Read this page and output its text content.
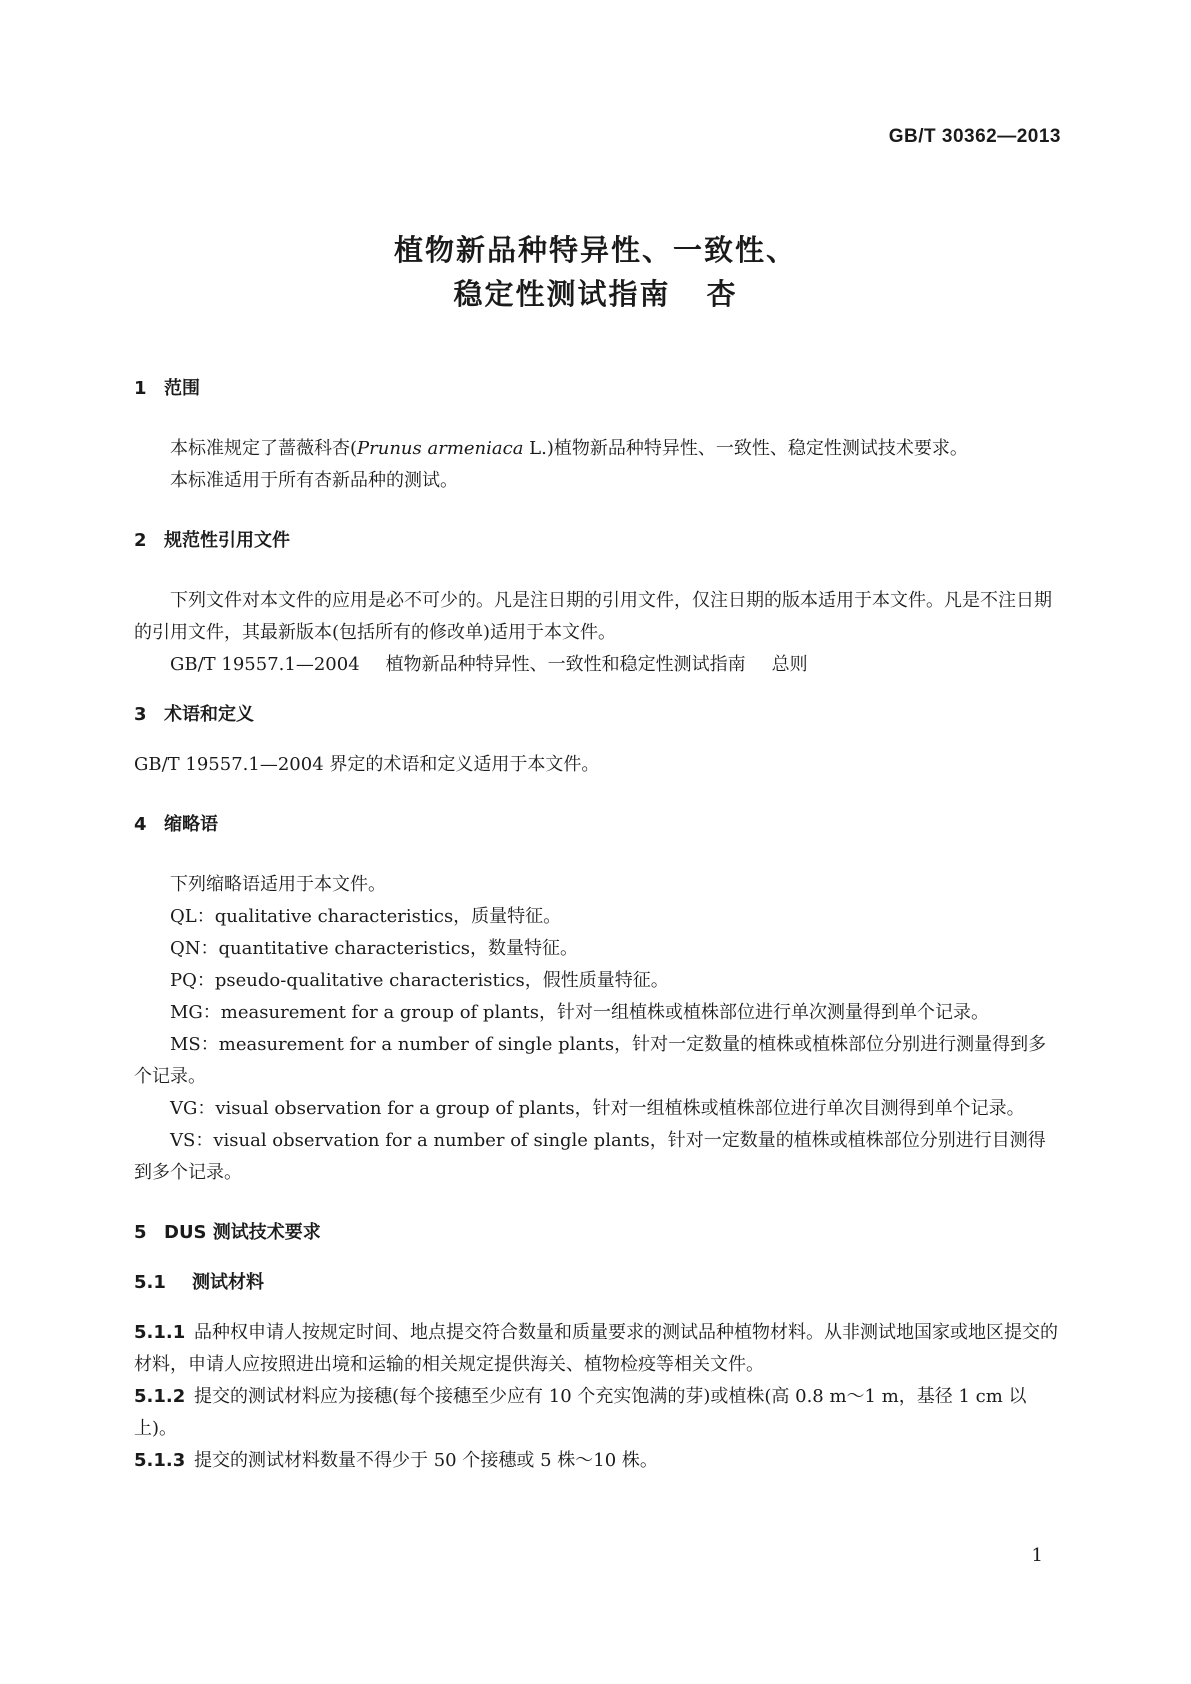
GB/T 30362—2013
植物新品种特异性、一致性、
稳定性测试指南 杏
1 范围

本标准规定了蔷薇科杏(Prunus armeniaca L.)植物新品种特异性、一致性、稳定性测试技术要求。

本标准适用于所有杏新品种的测试。

2 规范性引用文件

下列文件对本文件的应用是必不可少的。凡是注日期的引用文件，仅注日期的版本适用于本文件。凡是不注日期的引用文件，其最新版本(包括所有的修改单)适用于本文件。

GB/T 19557.1—2004 植物新品种特异性、一致性和稳定性测试指南 总则

3 术语和定义

GB/T 19557.1—2004 界定的术语和定义适用于本文件。

4 缩略语

下列缩略语适用于本文件。

QL：qualitative characteristics，质量特征。

QN：quantitative characteristics，数量特征。

PQ：pseudo-qualitative characteristics，假性质量特征。

MG：measurement for a group of plants，针对一组植株或植株部位进行单次测量得到单个记录。

MS：measurement for a number of single plants，针对一定数量的植株或植株部位分别进行测量得到多个记录。

VG：visual observation for a group of plants，针对一组植株或植株部位进行单次目测得到单个记录。

VS：visual observation for a number of single plants，针对一定数量的植株或植株部位分别进行目测得到多个记录。

5 DUS 测试技术要求
5.1 测试材料

5.1.1 品种权申请人按规定时间、地点提交符合数量和质量要求的测试品种植物材料。从非测试地国家或地区提交的材料，申请人应按照进出境和运输的相关规定提供海关、植物检疫等相关文件。

5.1.2 提交的测试材料应为接穗(每个接穗至少应有 10 个充实饱满的芽)或植株(高 0.8 m～1 m，基径 1 cm 以上)。

5.1.3 提交的测试材料数量不得少于 50 个接穗或 5 株～10 株。

1
